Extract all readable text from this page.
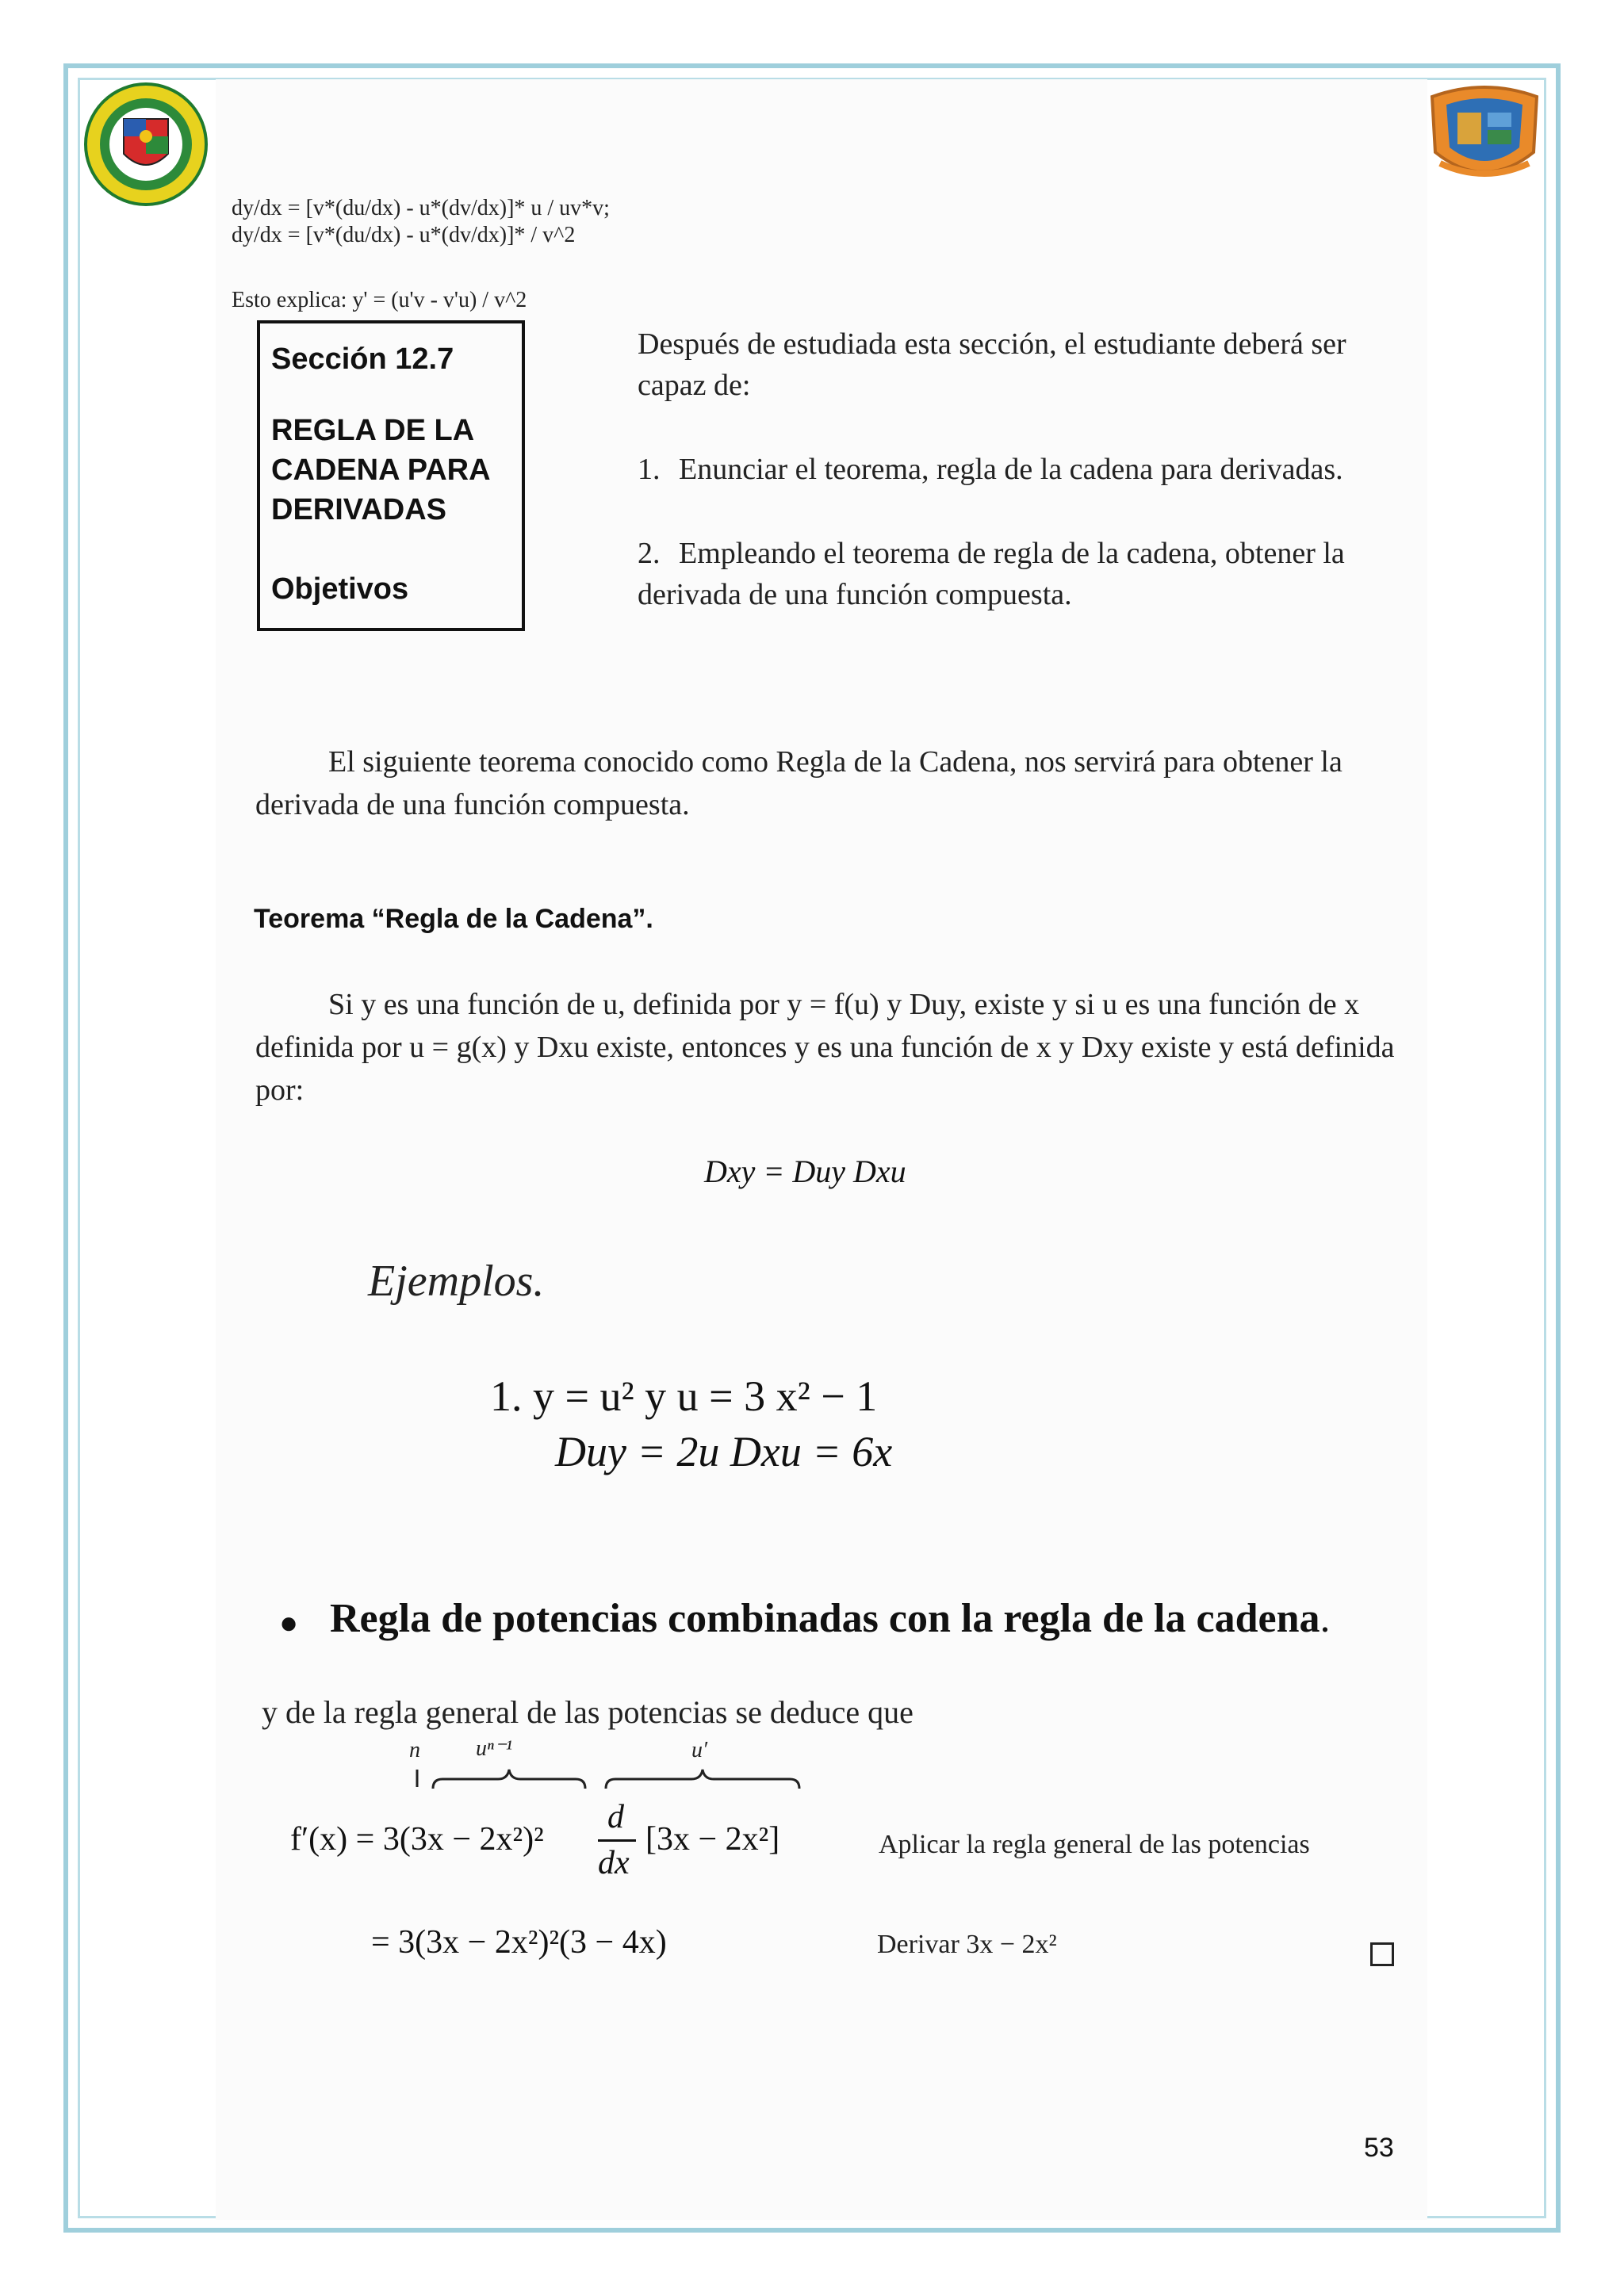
dy/dx = [v*(du/dx) - u*(dv/dx)]* u / uv*v;
dy/dx = [v*(du/dx) - u*(dv/dx)]* / v^2
Esto explica: y' = (u'v - v'u) / v^2
Sección 12.7
REGLA DE LA
CADENA PARA
DERIVADAS
Objetivos
Después de estudiada esta sección, el estudiante deberá ser capaz de:
1. Enunciar el teorema, regla de la cadena para derivadas.
2. Empleando el teorema de regla de la cadena, obtener la derivada de una función compuesta.
El siguiente teorema conocido como Regla de la Cadena, nos servirá para obtener la derivada de una función compuesta.
Teorema “Regla de la Cadena”.
Si y es una función de u, definida por y = f(u) y Duy, existe y si u es una función de x definida por u = g(x) y Dxu existe, entonces y es una función de x y Dxy existe y está definida por:
Dxy = Duy Dxu
Ejemplos.
1. y = u² y u = 3 x² − 1
Duy = 2u Dxu = 6x
● Regla de potencias combinadas con la regla de la cadena.
y de la regla general de las potencias se deduce que
n	uⁿ⁻¹	u′
f′(x) = 3(3x − 2x²)²
d
dx
[3x − 2x²]	Aplicar la regla general de las potencias
= 3(3x − 2x²)²(3 − 4x)	Derivar 3x − 2x²
53
